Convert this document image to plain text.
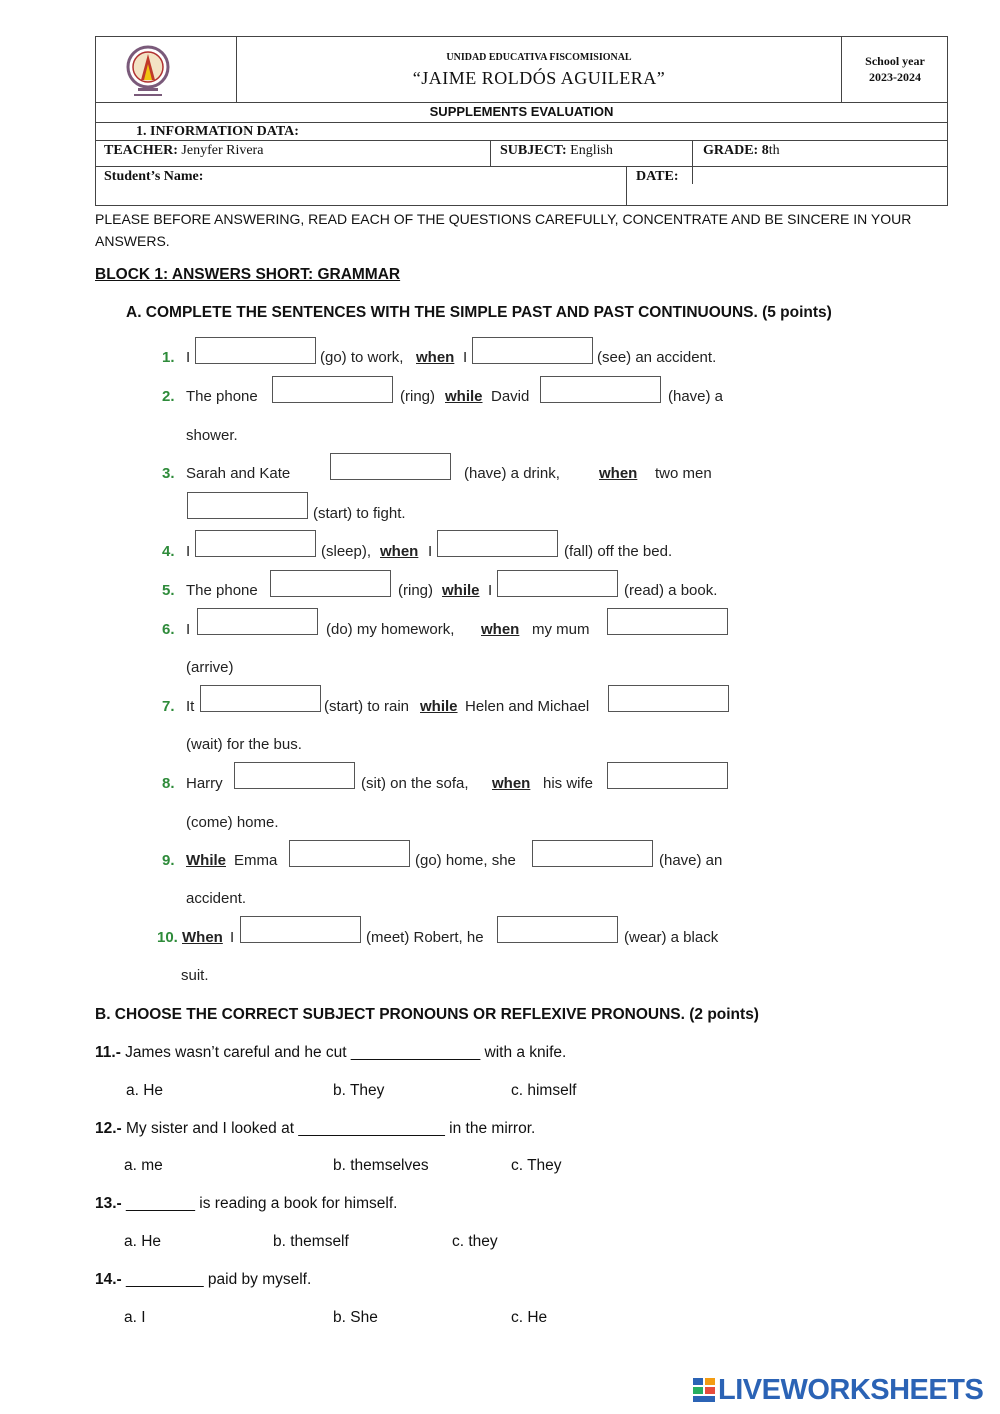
UNIDAD EDUCATIVA FISCOMISIONAL
“JAIME ROLDÓS AGUILERA”
School year
2023-2024
SUPPLEMENTS EVALUATION
1. INFORMATION DATA:
TEACHER: Jenyfer Rivera	SUBJECT: English	GRADE: 8th
Student’s Name:	DATE:
PLEASE BEFORE ANSWERING, READ EACH OF THE QUESTIONS CAREFULLY, CONCENTRATE AND BE SINCERE IN YOUR ANSWERS.
BLOCK 1: ANSWERS SHORT: GRAMMAR
A. COMPLETE THE SENTENCES WITH THE SIMPLE PAST AND PAST CONTINUOUNS. (5 points)
1. I	(go) to work, when I	(see) an accident.
2. The phone	(ring) while David	(have) a
shower.
3. Sarah and Kate	(have) a drink,	when two men
(start) to fight.
4. I	(sleep), when I	(fall) off the bed.
5. The phone	(ring) while I	(read) a book.
6. I	(do) my homework, when my mum
(arrive)
7. It	(start) to rain while Helen and Michael
(wait) for the bus.
8. Harry	(sit) on the sofa, when his wife
(come) home.
9. While Emma	(go) home, she	(have) an
accident.
10. When I	(meet) Robert, he	(wear) a black
suit.
B. CHOOSE THE CORRECT SUBJECT PRONOUNS OR REFLEXIVE PRONOUNS. (2 points)
11.- James wasn’t careful and he cut _______________ with a knife.
a. He	b. They	c. himself
12.- My sister and I looked at _________________ in the mirror.
a. me	b. themselves	c. They
13.- ________ is reading a book for himself.
a. He	b. themself	c. they
14.- _________ paid by myself.
a. I	b. She	c. He
LIVEWORKSHEETS
